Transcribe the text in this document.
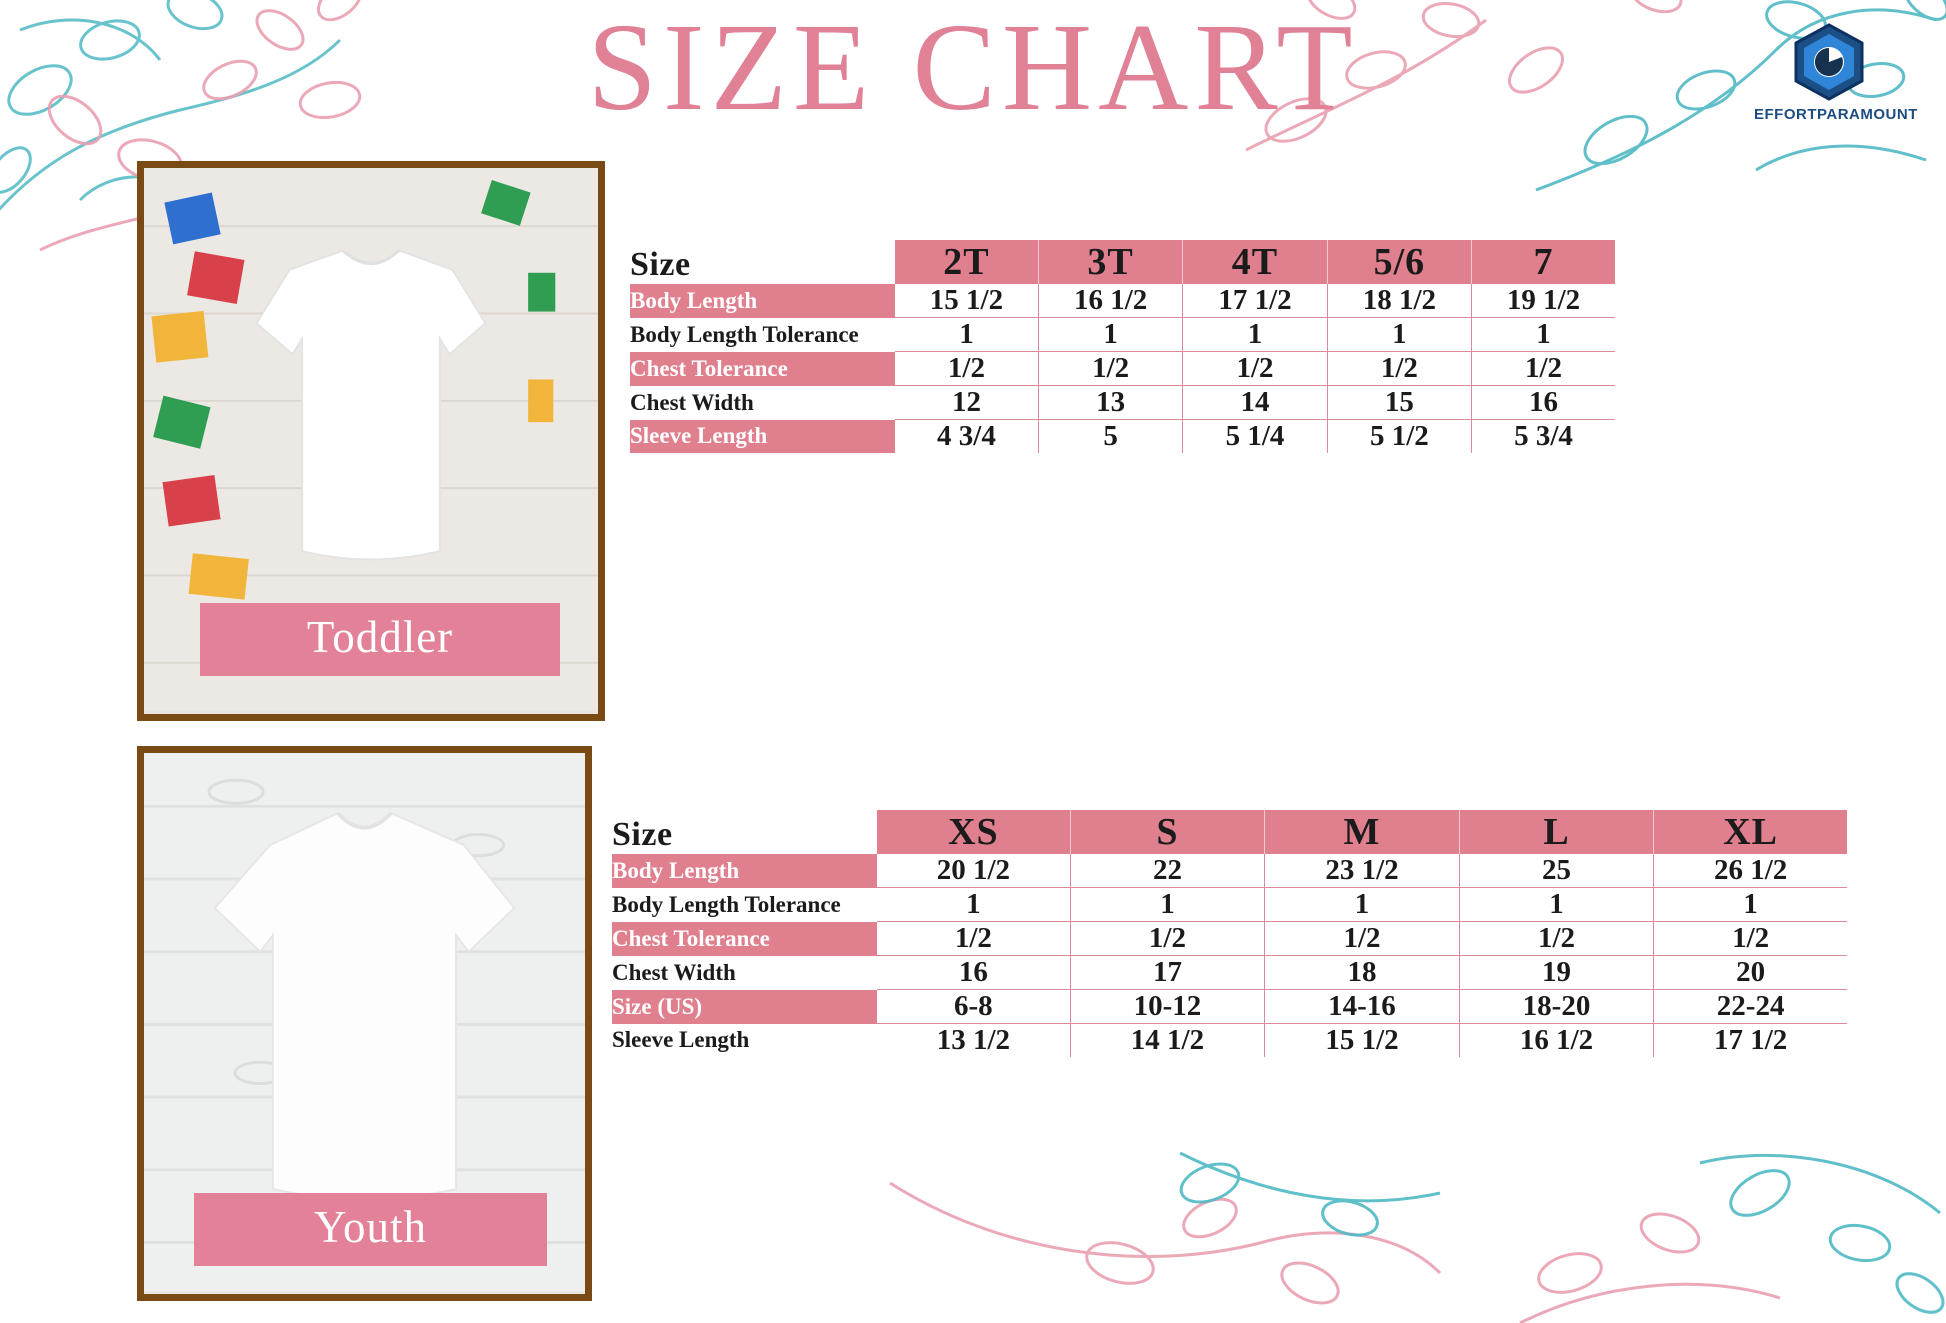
SIZE CHART	EFFORTPARAMOUNT
Toddler
Youth
Size	2T	3T	4T	5/6	7
Body Length	15 1/2	16 1/2	17 1/2	18 1/2	19 1/2
Body Length Tolerance	1	1	1	1	1
Chest Tolerance	1/2	1/2	1/2	1/2	1/2
Chest Width	12	13	14	15	16
Sleeve Length	4 3/4	5	5 1/4	5 1/2	5 3/4
Size	XS	S	M	L	XL
Body Length	20 1/2	22	23 1/2	25	26 1/2
Body Length Tolerance	1	1	1	1	1
Chest Tolerance	1/2	1/2	1/2	1/2	1/2
Chest Width	16	17	18	19	20
Size (US)	6-8	10-12	14-16	18-20	22-24
Sleeve Length	13 1/2	14 1/2	15 1/2	16 1/2	17 1/2
